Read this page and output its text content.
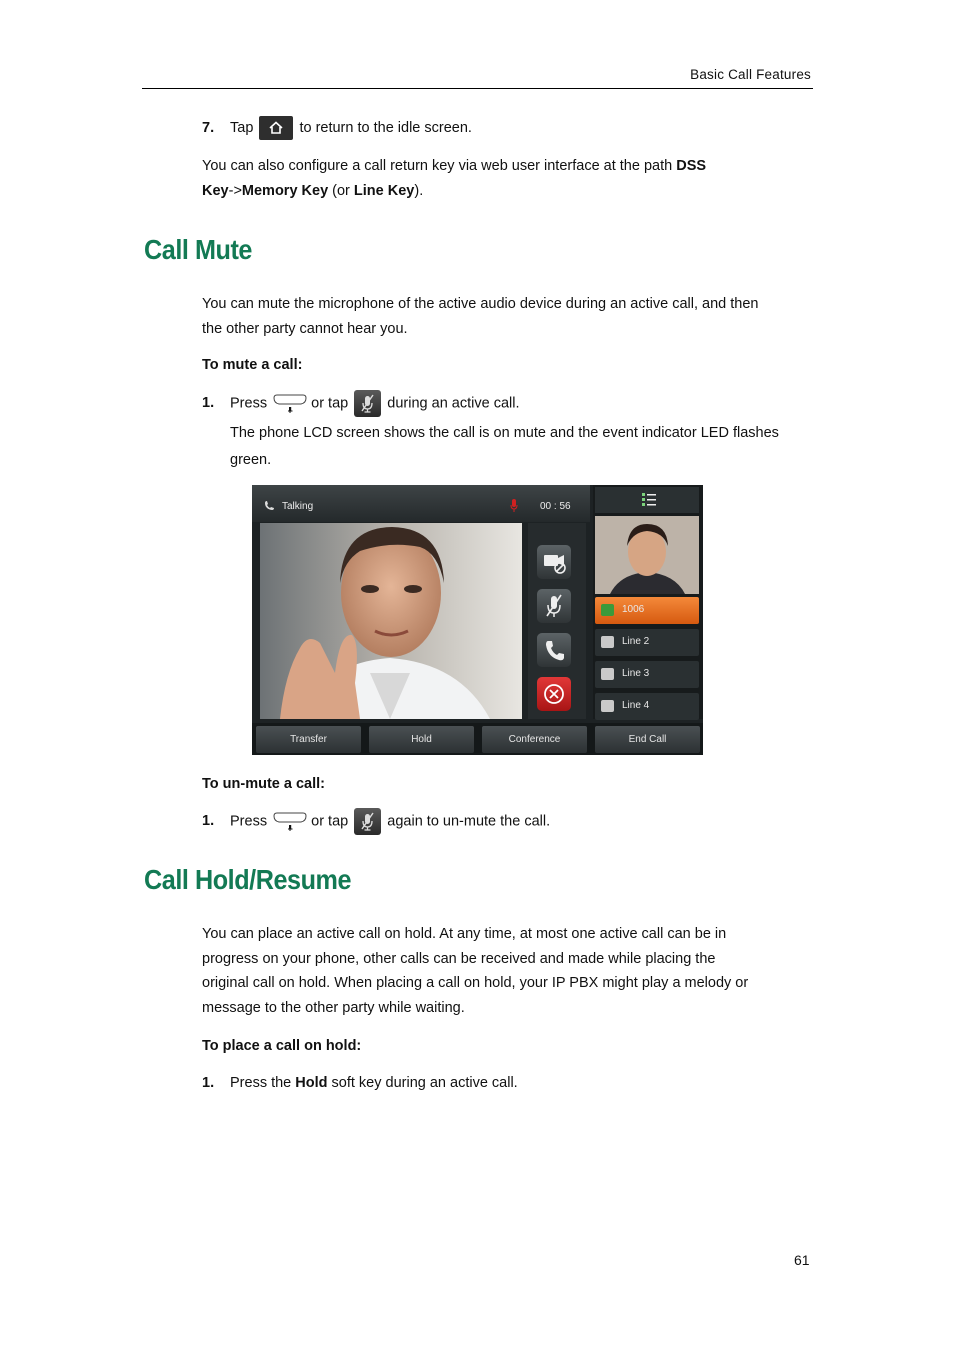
Basic Call Features
7. Tap	to return to the idle screen.
You can also configure a call return key via web user interface at the path DSS
Key->Memory Key (or Line Key).
Call Mute
You can mute the microphone of the active audio device during an active call, and then
the other party cannot hear you.
To mute a call:
1. Press	or tap	during an active call.
The phone LCD screen shows the call is on mute and the event indicator LED flashes
green.
Talking	00 : 56
1006
Line 2
Line 3
Line 4
Transfer	Hold	Conference	End Call
To un-mute a call:
1. Press	or tap	again to un-mute the call.
Call Hold/Resume
You can place an active call on hold. At any time, at most one active call can be in
progress on your phone, other calls can be received and made while placing the
original call on hold. When placing a call on hold, your IP PBX might play a melody or
message to the other party while waiting.
To place a call on hold:
1. Press the Hold soft key during an active call.
61
